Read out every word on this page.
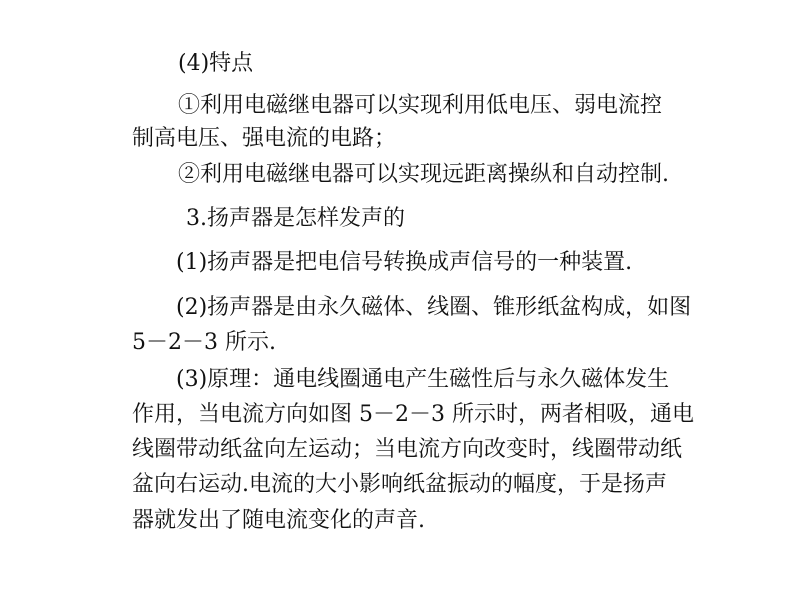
(4)特点

①利用电磁继电器可以实现利用低电压、弱电流控

制高电压、强电流的电路；

②利用电磁继电器可以实现远距离操纵和自动控制.

3.扬声器是怎样发声的

(1)扬声器是把电信号转换成声信号的一种装置.

(2)扬声器是由永久磁体、线圈、锥形纸盆构成，如图

5－2－3 所示.

(3)原理：通电线圈通电产生磁性后与永久磁体发生

作用，当电流方向如图 5－2－3 所示时，两者相吸，通电

线圈带动纸盆向左运动；当电流方向改变时，线圈带动纸

盆向右运动.电流的大小影响纸盆振动的幅度，于是扬声

器就发出了随电流变化的声音.
